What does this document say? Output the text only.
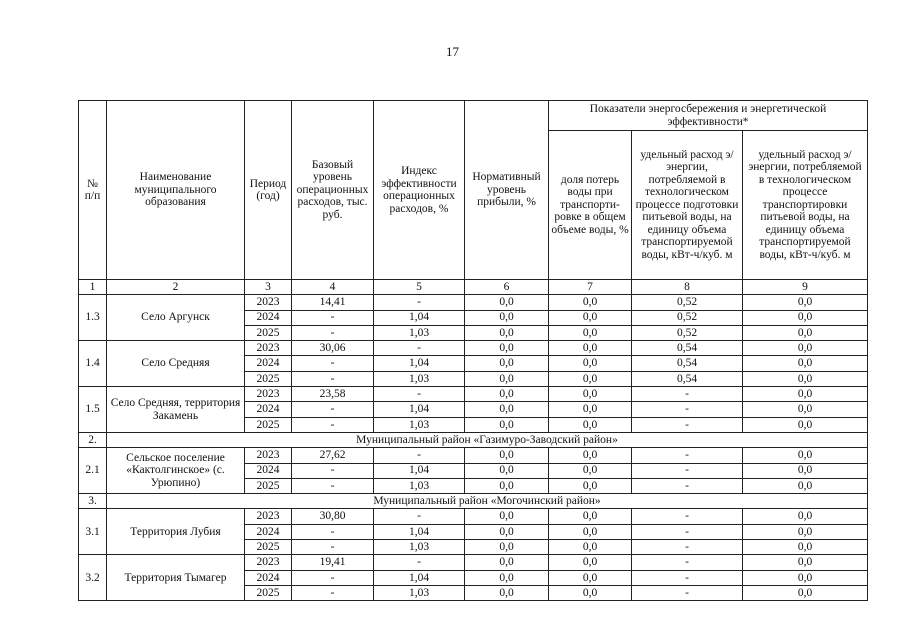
17
№ п/п	Наименование муниципального образования	Период (год)	Базовый уровень операционных расходов, тыс. руб.	Индекс эффективности операционных расходов, %	Нормативный уровень прибыли, %	Показатели энергосбережения и энергетической эффективности*		
						доля потерь воды при транспорти-ровке в общем объеме воды, %	удельный расход э/энергии, потребляемой в технологическом процессе подготовки питьевой воды, на единицу объема транспортируемой воды, кВт-ч/куб. м	удельный расход э/энергии, потребляемой в технологическом процессе транспортировки питьевой воды, на единицу объема транспортируемой воды, кВт-ч/куб. м
1	2	3	4	5	6	7	8	9
1.3	Село Аргунск	2023	14,41	-	0,0	0,0	0,52	0,0
		2024	-	1,04	0,0	0,0	0,52	0,0
		2025	-	1,03	0,0	0,0	0,52	0,0
1.4	Село Средняя	2023	30,06	-	0,0	0,0	0,54	0,0
		2024	-	1,04	0,0	0,0	0,54	0,0
		2025	-	1,03	0,0	0,0	0,54	0,0
1.5	Село Средняя, территория Закамень	2023	23,58	-	0,0	0,0	-	0,0
		2024	-	1,04	0,0	0,0	-	0,0
		2025	-	1,03	0,0	0,0	-	0,0
2.	Муниципальный район «Газимуро-Заводский район»							
2.1	Сельское поселение «Кактолгинское» (с. Урюпино)	2023	27,62	-	0,0	0,0	-	0,0
		2024	-	1,04	0,0	0,0	-	0,0
		2025	-	1,03	0,0	0,0	-	0,0
3.	Муниципальный район «Могочинский район»							
3.1	Территория Лубия	2023	30,80	-	0,0	0,0	-	0,0
		2024	-	1,04	0,0	0,0	-	0,0
		2025	-	1,03	0,0	0,0	-	0,0
3.2	Территория Тымагер	2023	19,41	-	0,0	0,0	-	0,0
		2024	-	1,04	0,0	0,0	-	0,0
		2025	-	1,03	0,0	0,0	-	0,0
